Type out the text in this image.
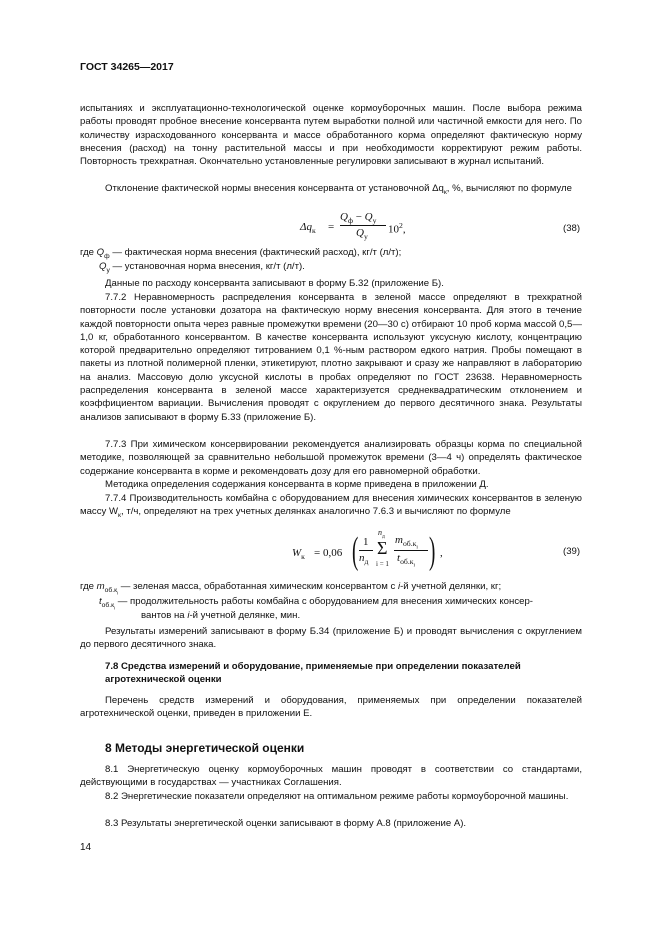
ГОСТ 34265—2017
испытаниях и эксплуатационно-технологической оценке кормоуборочных машин. После выбора режима работы проводят пробное внесение консерванта путем выработки полной или частичной емкости для него. По количеству израсходованного консерванта и массе обработанного корма определяют фактическую норму внесения (расход) на тонну растительной массы и при необходимости корректируют режим работы. Повторность трехкратная. Окончательно установленные регулировки записывают в журнал испытаний.
Отклонение фактической нормы внесения консерванта от установочной $\Delta q_к$, %, вычисляют по формуле
$\Delta q_к$ =
$Q_ф - Q_у$
$Q_у$
$10^2$,	(38)
где $Q_ф$ — фактическая норма внесения (фактический расход), кг/т (л/т);
$Q_у$ — установочная норма внесения, кг/т (л/т).
Данные по расходу консерванта записывают в форму Б.32 (приложение Б).
7.7.2 Неравномерность распределения консерванта в зеленой массе определяют в трехкратной повторности после установки дозатора на фактическую норму внесения консерванта. Для этого в течение каждой повторности опыта через равные промежутки времени (20—30 с) отбирают 10 проб корма массой 0,5—1,0 кг, обработанного консервантом. В качестве консерванта используют уксусную кислоту, концентрацию которой предварительно определяют титрованием 0,1 %-ным раствором едкого натрия. Пробы помещают в пакеты из плотной полимерной пленки, этикетируют, плотно закрывают и сразу же направляют в лабораторию на анализ. Массовую долю уксусной кислоты в пробах определяют по ГОСТ 23638. Неравномерность распределения консерванта в зеленой массе характеризуется среднеквадратическим отклонением и коэффициентом вариации. Вычисления проводят с округлением до первого десятичного знака. Результаты анализов записывают в форму Б.33 (приложение Б).
7.7.3 При химическом консервировании рекомендуется анализировать образцы корма по специальной методике, позволяющей за сравнительно небольшой промежуток времени (3—4 ч) определять фактическое содержание консерванта в корме и рекомендовать дозу для его равномерной обработки.
Методика определения содержания консерванта в корме приведена в приложении Д.
7.7.4 Производительность комбайна с оборудованием для внесения химических консервантов в зеленую массу $W_к$, т/ч, определяют на трех учетных делянках аналогично 7.6.3 и вычисляют по формуле
$W_к = 0,06$ ( 1
$n_д$
$n_д$
Σ
i = 1
$m_{об.к_i}$
$t_{об.к_i}$ ) ,	(39)
где $m_{об.к_i}$ — зеленая масса, обработанная химическим консервантом с i-й учетной делянки, кг;
$t_{об.к_i}$ — продолжительность работы комбайна с оборудованием для внесения химических консер-
вантов на i-й учетной делянке, мин.
Результаты измерений записывают в форму Б.34 (приложение Б) и проводят вычисления с округлением до первого десятичного знака.
7.8 Средства измерений и оборудование, применяемые при определении показателей агротехнической оценки
Перечень средств измерений и оборудования, применяемых при определении показателей агротехнической оценки, приведен в приложении Е.
8 Методы энергетической оценки
8.1 Энергетическую оценку кормоуборочных машин проводят в соответствии со стандартами, действующими в государствах — участниках Соглашения.
8.2 Энергетические показатели определяют на оптимальном режиме работы кормоуборочной машины.
8.3 Результаты энергетической оценки записывают в форму А.8 (приложение А).
14
